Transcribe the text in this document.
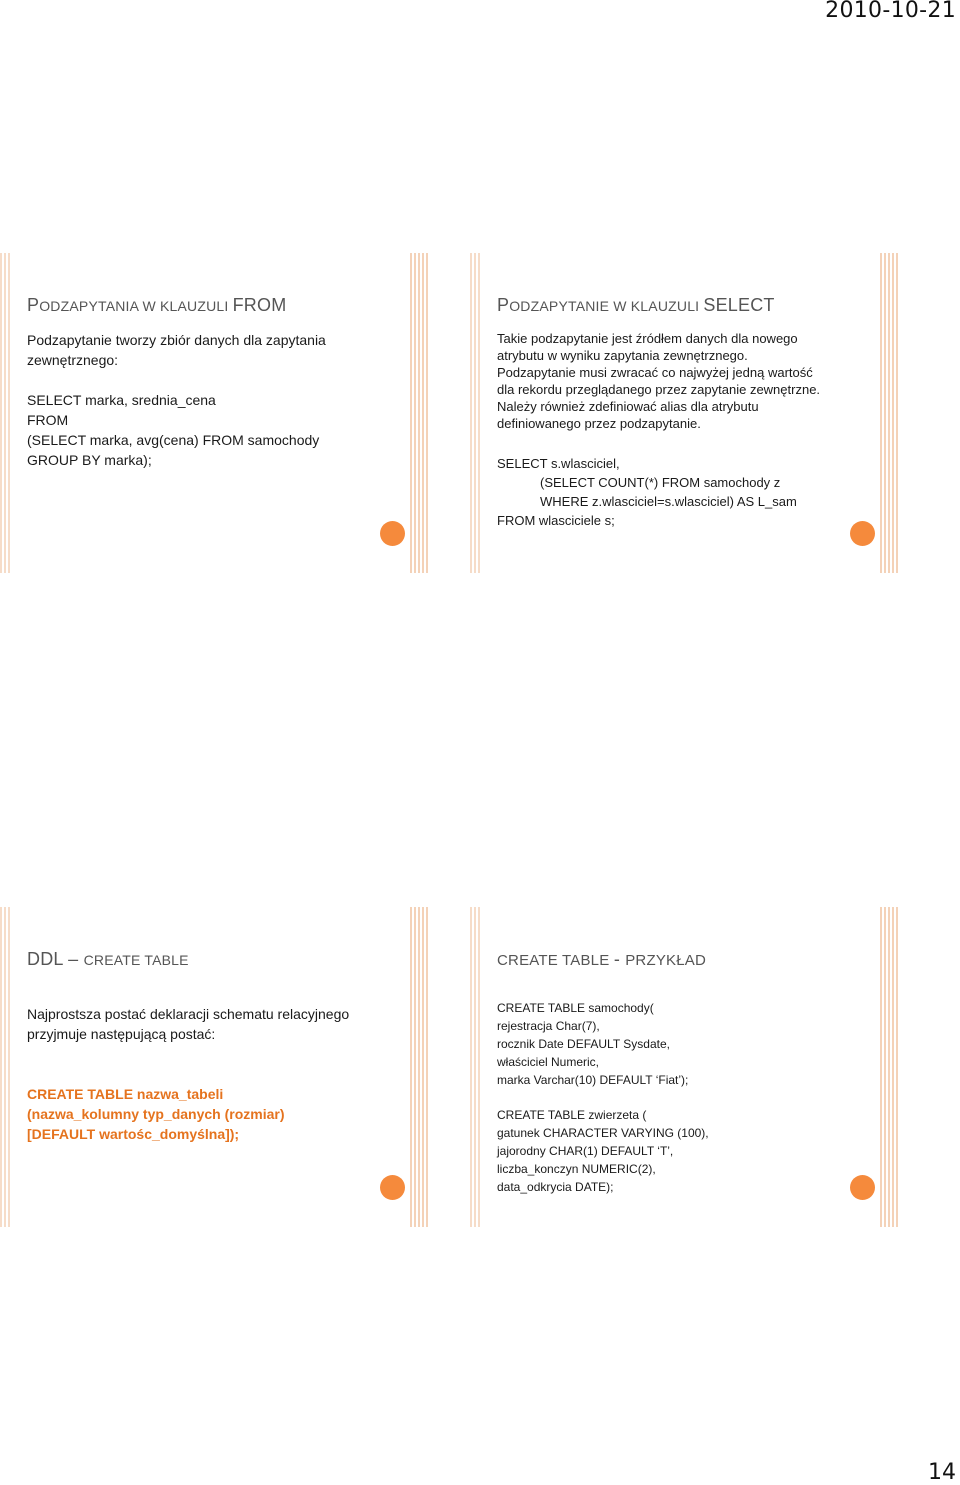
2010-10-21
PODZAPYTANIA W KLAUZULI FROM

Podzapytanie tworzy zbiór danych dla zapytania

zewnętrznego:

SELECT marka, srednia_cena

FROM

(SELECT marka, avg(cena) FROM samochody

GROUP BY marka);

PODZAPYTANIE W KLAUZULI SELECT

Takie podzapytanie jest źródłem danych dla nowego

atrybutu w wyniku zapytania zewnętrznego.

Podzapytanie musi zwracać co najwyżej jedną wartość

dla rekordu przeglądanego przez zapytanie zewnętrzne.

Należy również zdefiniować alias dla atrybutu

definiowanego przez podzapytanie.

SELECT s.wlasciciel,

(SELECT COUNT(*) FROM samochody z

WHERE z.wlasciciel=s.wlasciciel) AS L_sam

FROM wlasciciele s;

DDL – CREATE TABLE

Najprostsza postać deklaracji schematu relacyjnego

przyjmuje następującą postać:

CREATE TABLE nazwa_tabeli

(nazwa_kolumny typ_danych (rozmiar)

[DEFAULT wartośc_domyślna]);

CREATE TABLE - PRZYKŁAD

CREATE TABLE samochody(

rejestracja Char(7),

rocznik Date DEFAULT Sysdate,

właściciel Numeric,

marka Varchar(10) DEFAULT ‘Fiat’);

CREATE TABLE zwierzeta (

gatunek CHARACTER VARYING (100),

jajorodny CHAR(1) DEFAULT ‘T’,

liczba_konczyn NUMERIC(2),

data_odkrycia DATE);

14
